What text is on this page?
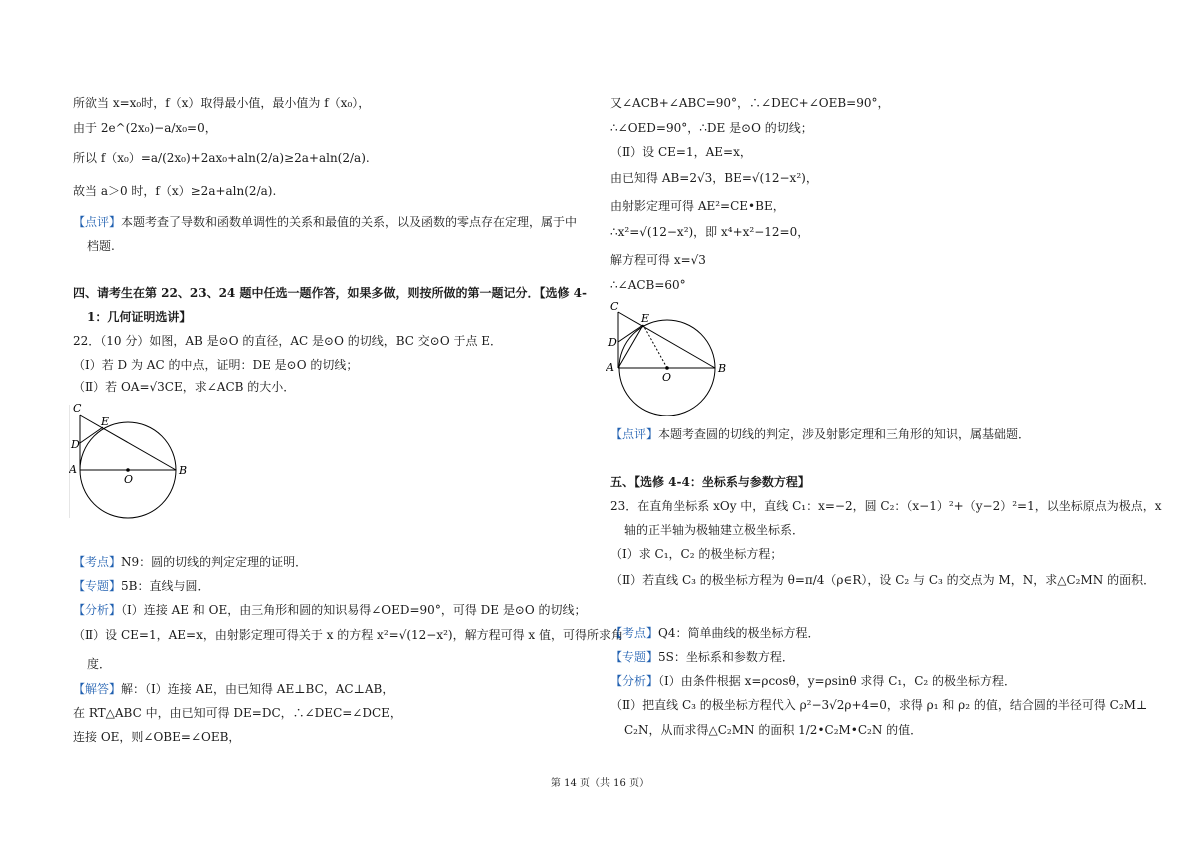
所欲当 x=x₀时，f（x）取得最小值，最小值为 f（x₀），
由于 2e^(2x₀)−a/x₀=0，
所以 f（x₀）=a/(2x₀)+2ax₀+aln(2/a)≥2a+aln(2/a).
故当 a＞0 时，f（x）≥2a+aln(2/a).
【点评】本题考查了导数和函数单调性的关系和最值的关系，以及函数的零点存在定理，属于中
档题.
四、请考生在第 22、23、24 题中任选一题作答，如果多做，则按所做的第一题记分．【选修 4-
1：几何证明选讲】
22．（10 分）如图，AB 是⊙O 的直径，AC 是⊙O 的切线，BC 交⊙O 于点 E．
（Ⅰ）若 D 为 AC 的中点，证明：DE 是⊙O 的切线；
（Ⅱ）若 OA=√3CE，求∠ACB 的大小．
C
E
D
A
O
B
【考点】N9：圆的切线的判定定理的证明．
【专题】5B：直线与圆．
【分析】（Ⅰ）连接 AE 和 OE，由三角形和圆的知识易得∠OED=90°，可得 DE 是⊙O 的切线；
（Ⅱ）设 CE=1，AE=x，由射影定理可得关于 x 的方程 x²=√(12−x²)，解方程可得 x 值，可得所求角
度．
【解答】解：（Ⅰ）连接 AE，由已知得 AE⊥BC，AC⊥AB，
在 RT△ABC 中，由已知可得 DE=DC，∴∠DEC=∠DCE，
连接 OE，则∠OBE=∠OEB，
又∠ACB+∠ABC=90°，∴∠DEC+∠OEB=90°，
∴∠OED=90°，∴DE 是⊙O 的切线；
（Ⅱ）设 CE=1，AE=x，
由已知得 AB=2√3，BE=√(12−x²)，
由射影定理可得 AE²=CE•BE，
∴x²=√(12−x²)，即 x⁴+x²−12=0，
解方程可得 x=√3
∴∠ACB=60°
C
E
D
A
O
B
【点评】本题考查圆的切线的判定，涉及射影定理和三角形的知识，属基础题．
五、【选修 4-4：坐标系与参数方程】
23．在直角坐标系 xOy 中，直线 C₁：x=−2，圆 C₂：（x−1）²+（y−2）²=1，以坐标原点为极点，x
轴的正半轴为极轴建立极坐标系．
（Ⅰ）求 C₁，C₂ 的极坐标方程；
（Ⅱ）若直线 C₃ 的极坐标方程为 θ=π/4（ρ∈R），设 C₂ 与 C₃ 的交点为 M，N，求△C₂MN 的面积．
【考点】Q4：简单曲线的极坐标方程．
【专题】5S：坐标系和参数方程．
【分析】（Ⅰ）由条件根据 x=ρcosθ，y=ρsinθ 求得 C₁，C₂ 的极坐标方程．
（Ⅱ）把直线 C₃ 的极坐标方程代入 ρ²−3√2ρ+4=0，求得 ρ₁ 和 ρ₂ 的值，结合圆的半径可得 C₂M⊥
C₂N，从而求得△C₂MN 的面积 1/2•C₂M•C₂N 的值．
第 14 页（共 16 页）
